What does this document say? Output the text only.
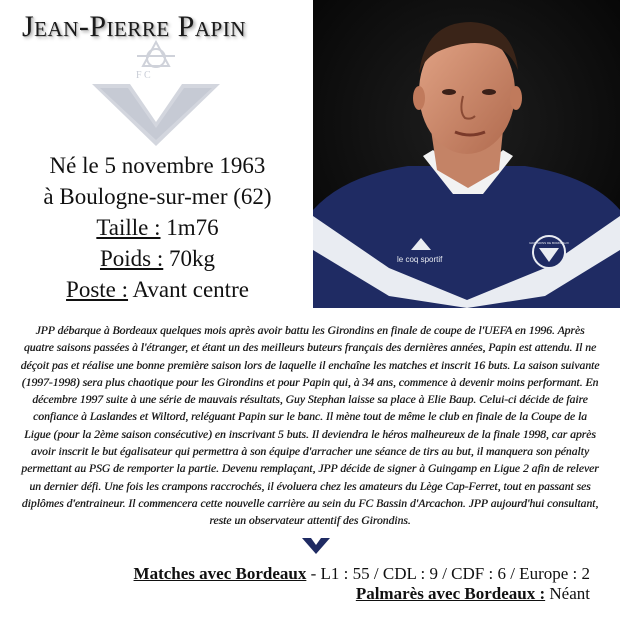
Jean-Pierre Papin
F C
Né le 5 novembre 1963
à Boulogne-sur-mer (62)
Taille : 1m76
Poids : 70kg
Poste : Avant centre
le coq sportif
GIRONDINS DE BORDEAUX
JPP débarque à Bordeaux quelques mois après avoir battu les Girondins en finale de coupe de l'UEFA en 1996. Après quatre saisons passées à l'étranger, et étant un des meilleurs buteurs français des dernières années, Papin est attendu. Il ne déçoit pas et réalise une bonne première saison lors de laquelle il enchaîne les matches et inscrit 16 buts. La saison suivante (1997-1998) sera plus chaotique pour les Girondins et pour Papin qui, à 34 ans, commence à devenir moins performant. En décembre 1997 suite à une série de mauvais résultats, Guy Stephan laisse sa place à Elie Baup. Celui-ci décide de faire confiance à Laslandes et Wiltord, reléguant Papin sur le banc. Il mène tout de même le club en finale de la Coupe de la Ligue (pour la 2ème saison consécutive) en inscrivant 5 buts. Il deviendra le héros malheureux de la finale 1998, car après avoir inscrit le but égalisateur qui permettra à son équipe d'arracher une séance de tirs au but, il manquera son pénalty permettant au PSG de remporter la partie. Devenu remplaçant, JPP décide de signer à Guingamp en Ligue 2 afin de relever un dernier défi. Une fois les crampons raccrochés, il évoluera chez les amateurs du Lège Cap-Ferret, tout en passant ses diplômes d'entraineur. Il commencera cette nouvelle carrière au sein du FC Bassin d'Arcachon. JPP aujourd'hui consultant, reste un observateur attentif des Girondins.
Matches avec Bordeaux - L1 : 55 / CDL : 9 / CDF : 6 / Europe : 2
Palmarès avec Bordeaux : Néant
